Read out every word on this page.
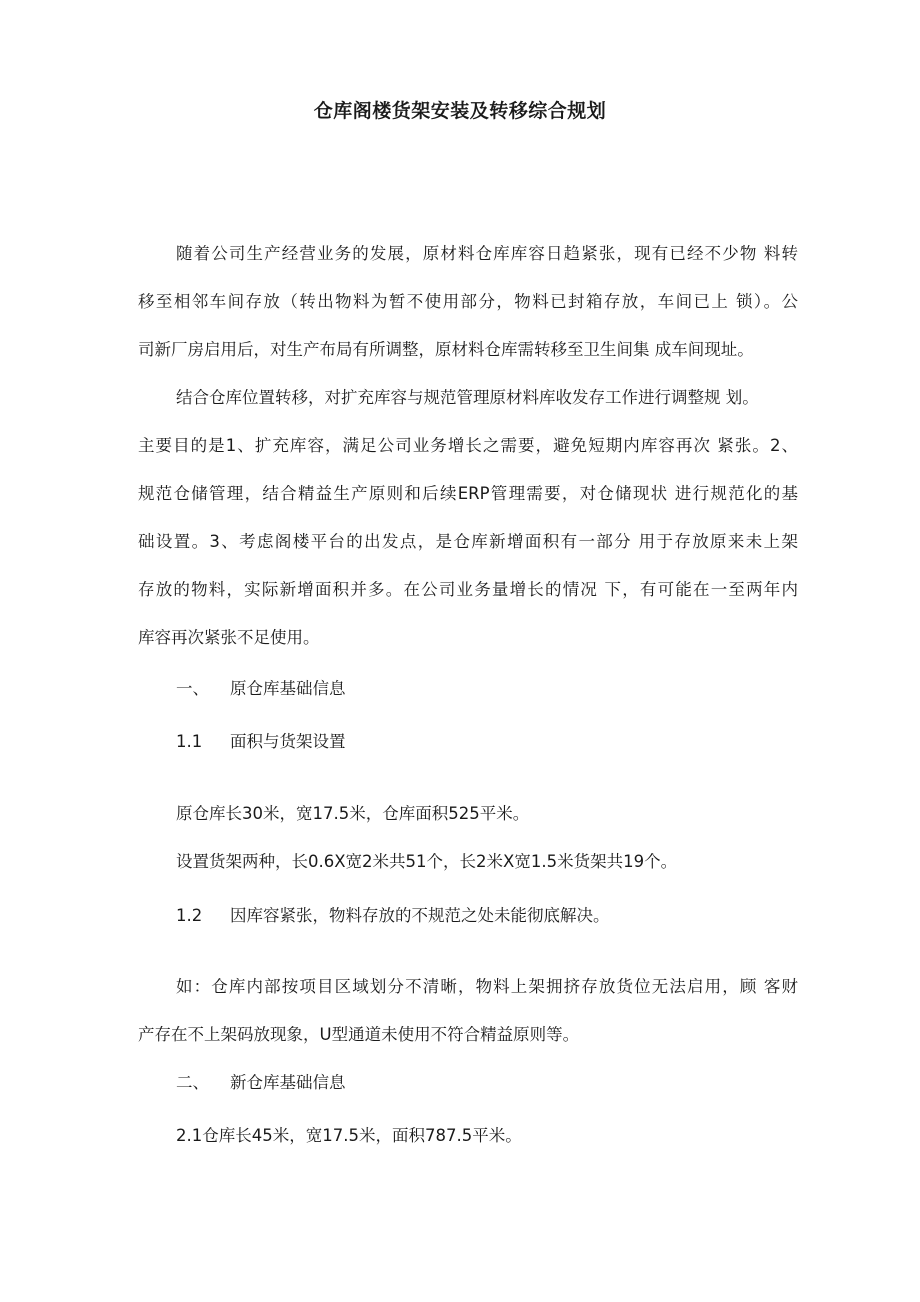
仓库阁楼货架安装及转移综合规划
随着公司生产经营业务的发展，原材料仓库库容日趋紧张，现有已经不少物 料转
移至相邻车间存放（转出物料为暂不使用部分，物料已封箱存放，车间已上 锁）。公
司新厂房启用后，对生产布局有所调整，原材料仓库需转移至卫生间集 成车间现址。
结合仓库位置转移，对扩充库容与规范管理原材料库收发存工作进行调整规 划。
主要目的是1、扩充库容，满足公司业务增长之需要，避免短期内库容再次 紧张。2、
规范仓储管理，结合精益生产原则和后续ERP管理需要，对仓储现状 进行规范化的基
础设置。3、考虑阁楼平台的出发点，是仓库新增面积有一部分 用于存放原来未上架
存放的物料，实际新增面积并多。在公司业务量增长的情况 下，有可能在一至两年内
库容再次紧张不足使用。
一、 原仓库基础信息
1.1 面积与货架设置
原仓库长30米，宽17.5米，仓库面积525平米。
设置货架两种，长0.6X宽2米共51个，长2米X宽1.5米货架共19个。
1.2 因库容紧张，物料存放的不规范之处未能彻底解决。
如：仓库内部按项目区域划分不清晰，物料上架拥挤存放货位无法启用，顾 客财
产存在不上架码放现象，U型通道未使用不符合精益原则等。
二、 新仓库基础信息
2.1仓库长45米，宽17.5米，面积787.5平米。
